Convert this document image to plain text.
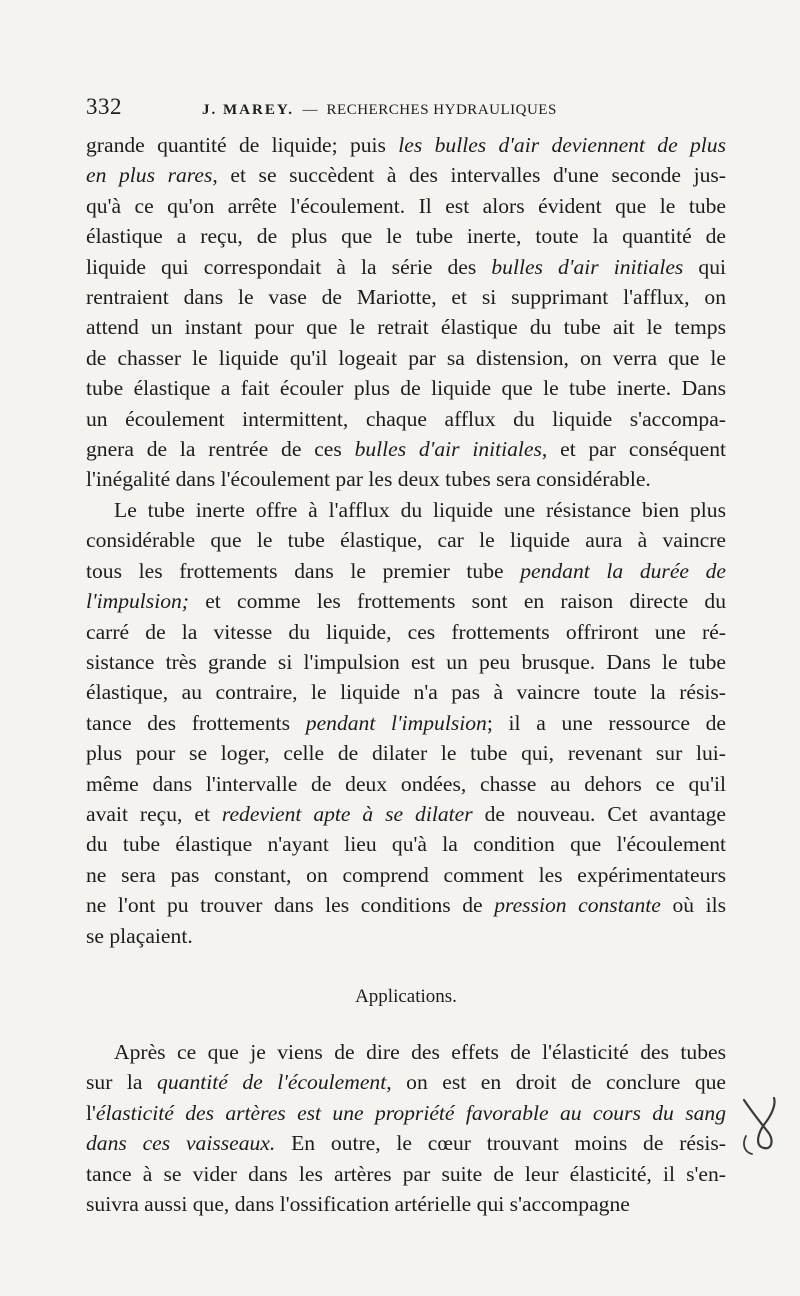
332	J. MAREY. — RECHERCHES HYDRAULIQUES

grande quantité de liquide; puis les bulles d'air deviennent de plus
en plus rares, et se succèdent à des intervalles d'une seconde jus-
qu'à ce qu'on arrête l'écoulement. Il est alors évident que le tube
élastique a reçu, de plus que le tube inerte, toute la quantité de
liquide qui correspondait à la série des bulles d'air initiales qui
rentraient dans le vase de Mariotte, et si supprimant l'afflux, on
attend un instant pour que le retrait élastique du tube ait le temps
de chasser le liquide qu'il logeait par sa distension, on verra que le
tube élastique a fait écouler plus de liquide que le tube inerte. Dans
un écoulement intermittent, chaque afflux du liquide s'accompa-
gnera de la rentrée de ces bulles d'air initiales, et par conséquent
l'inégalité dans l'écoulement par les deux tubes sera considérable.

Le tube inerte offre à l'afflux du liquide une résistance bien plus
considérable que le tube élastique, car le liquide aura à vaincre
tous les frottements dans le premier tube pendant la durée de
l'impulsion; et comme les frottements sont en raison directe du
carré de la vitesse du liquide, ces frottements offriront une ré-
sistance très grande si l'impulsion est un peu brusque. Dans le tube
élastique, au contraire, le liquide n'a pas à vaincre toute la résis-
tance des frottements pendant l'impulsion; il a une ressource de
plus pour se loger, celle de dilater le tube qui, revenant sur lui-
même dans l'intervalle de deux ondées, chasse au dehors ce qu'il
avait reçu, et redevient apte à se dilater de nouveau. Cet avantage
du tube élastique n'ayant lieu qu'à la condition que l'écoulement
ne sera pas constant, on comprend comment les expérimentateurs
ne l'ont pu trouver dans les conditions de pression constante où ils
se plaçaient.

Après ce que je viens de dire des effets de l'élasticité des tubes
sur la quantité de l'écoulement, on est en droit de conclure que
l'élasticité des artères est une propriété favorable au cours du sang
dans ces vaisseaux. En outre, le cœur trouvant moins de résis-
tance à se vider dans les artères par suite de leur élasticité, il s'en-
suivra aussi que, dans l'ossification artérielle qui s'accompagne

Applications.
